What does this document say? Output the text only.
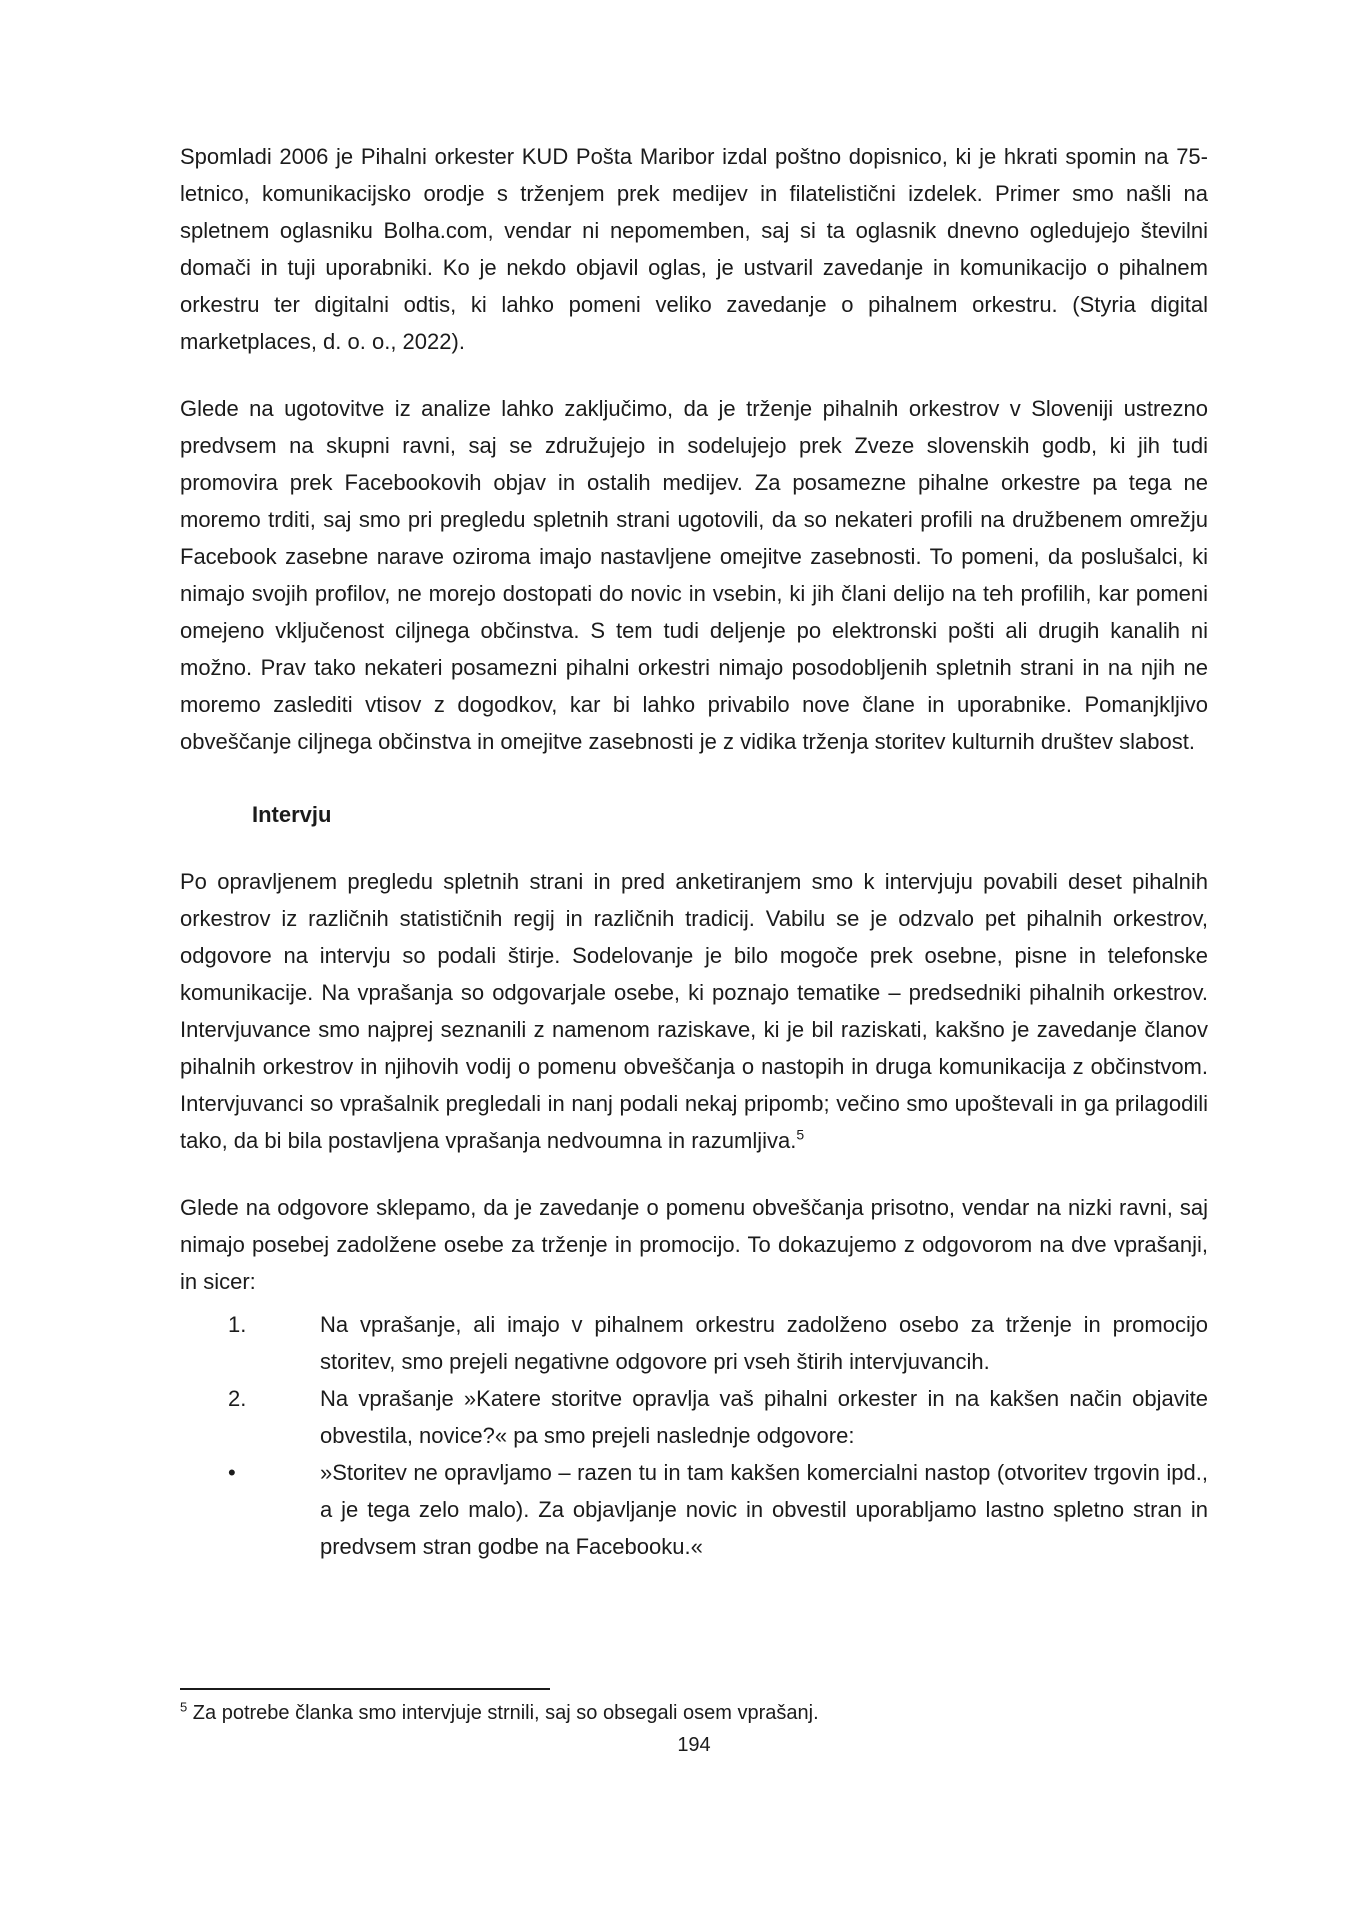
Spomladi 2006 je Pihalni orkester KUD Pošta Maribor izdal poštno dopisnico, ki je hkrati spomin na 75-letnico, komunikacijsko orodje s trženjem prek medijev in filatelistični izdelek. Primer smo našli na spletnem oglasniku Bolha.com, vendar ni nepomemben, saj si ta oglasnik dnevno ogledujejo številni domači in tuji uporabniki. Ko je nekdo objavil oglas, je ustvaril zavedanje in komunikacijo o pihalnem orkestru ter digitalni odtis, ki lahko pomeni veliko zavedanje o pihalnem orkestru. (Styria digital marketplaces, d. o. o., 2022).

Glede na ugotovitve iz analize lahko zaključimo, da je trženje pihalnih orkestrov v Sloveniji ustrezno predvsem na skupni ravni, saj se združujejo in sodelujejo prek Zveze slovenskih godb, ki jih tudi promovira prek Facebookovih objav in ostalih medijev. Za posamezne pihalne orkestre pa tega ne moremo trditi, saj smo pri pregledu spletnih strani ugotovili, da so nekateri profili na družbenem omrežju Facebook zasebne narave oziroma imajo nastavljene omejitve zasebnosti. To pomeni, da poslušalci, ki nimajo svojih profilov, ne morejo dostopati do novic in vsebin, ki jih člani delijo na teh profilih, kar pomeni omejeno vključenost ciljnega občinstva. S tem tudi deljenje po elektronski pošti ali drugih kanalih ni možno. Prav tako nekateri posamezni pihalni orkestri nimajo posodobljenih spletnih strani in na njih ne moremo zaslediti vtisov z dogodkov, kar bi lahko privabilo nove člane in uporabnike. Pomanjkljivo obveščanje ciljnega občinstva in omejitve zasebnosti je z vidika trženja storitev kulturnih društev slabost.

Intervju

Po opravljenem pregledu spletnih strani in pred anketiranjem smo k intervjuju povabili deset pihalnih orkestrov iz različnih statističnih regij in različnih tradicij. Vabilu se je odzvalo pet pihalnih orkestrov, odgovore na intervju so podali štirje. Sodelovanje je bilo mogoče prek osebne, pisne in telefonske komunikacije. Na vprašanja so odgovarjale osebe, ki poznajo tematike – predsedniki pihalnih orkestrov. Intervjuvance smo najprej seznanili z namenom raziskave, ki je bil raziskati, kakšno je zavedanje članov pihalnih orkestrov in njihovih vodij o pomenu obveščanja o nastopih in druga komunikacija z občinstvom. Intervjuvanci so vprašalnik pregledali in nanj podali nekaj pripomb; večino smo upoštevali in ga prilagodili tako, da bi bila postavljena vprašanja nedvoumna in razumljiva.$^5$

Glede na odgovore sklepamo, da je zavedanje o pomenu obveščanja prisotno, vendar na nizki ravni, saj nimajo posebej zadolžene osebe za trženje in promocijo. To dokazujemo z odgovorom na dve vprašanji, in sicer:

1.	Na vprašanje, ali imajo v pihalnem orkestru zadolženo osebo za trženje in promocijo storitev, smo prejeli negativne odgovore pri vseh štirih intervjuvancih.
2.	Na vprašanje »Katere storitve opravlja vaš pihalni orkester in na kakšen način objavite obvestila, novice?« pa smo prejeli naslednje odgovore:
•	»Storitev ne opravljamo – razen tu in tam kakšen komercialni nastop (otvoritev trgovin ipd., a je tega zelo malo). Za objavljanje novic in obvestil uporabljamo lastno spletno stran in predvsem stran godbe na Facebooku.«

$^5$ Za potrebe članka smo intervjuje strnili, saj so obsegali osem vprašanj.

194
